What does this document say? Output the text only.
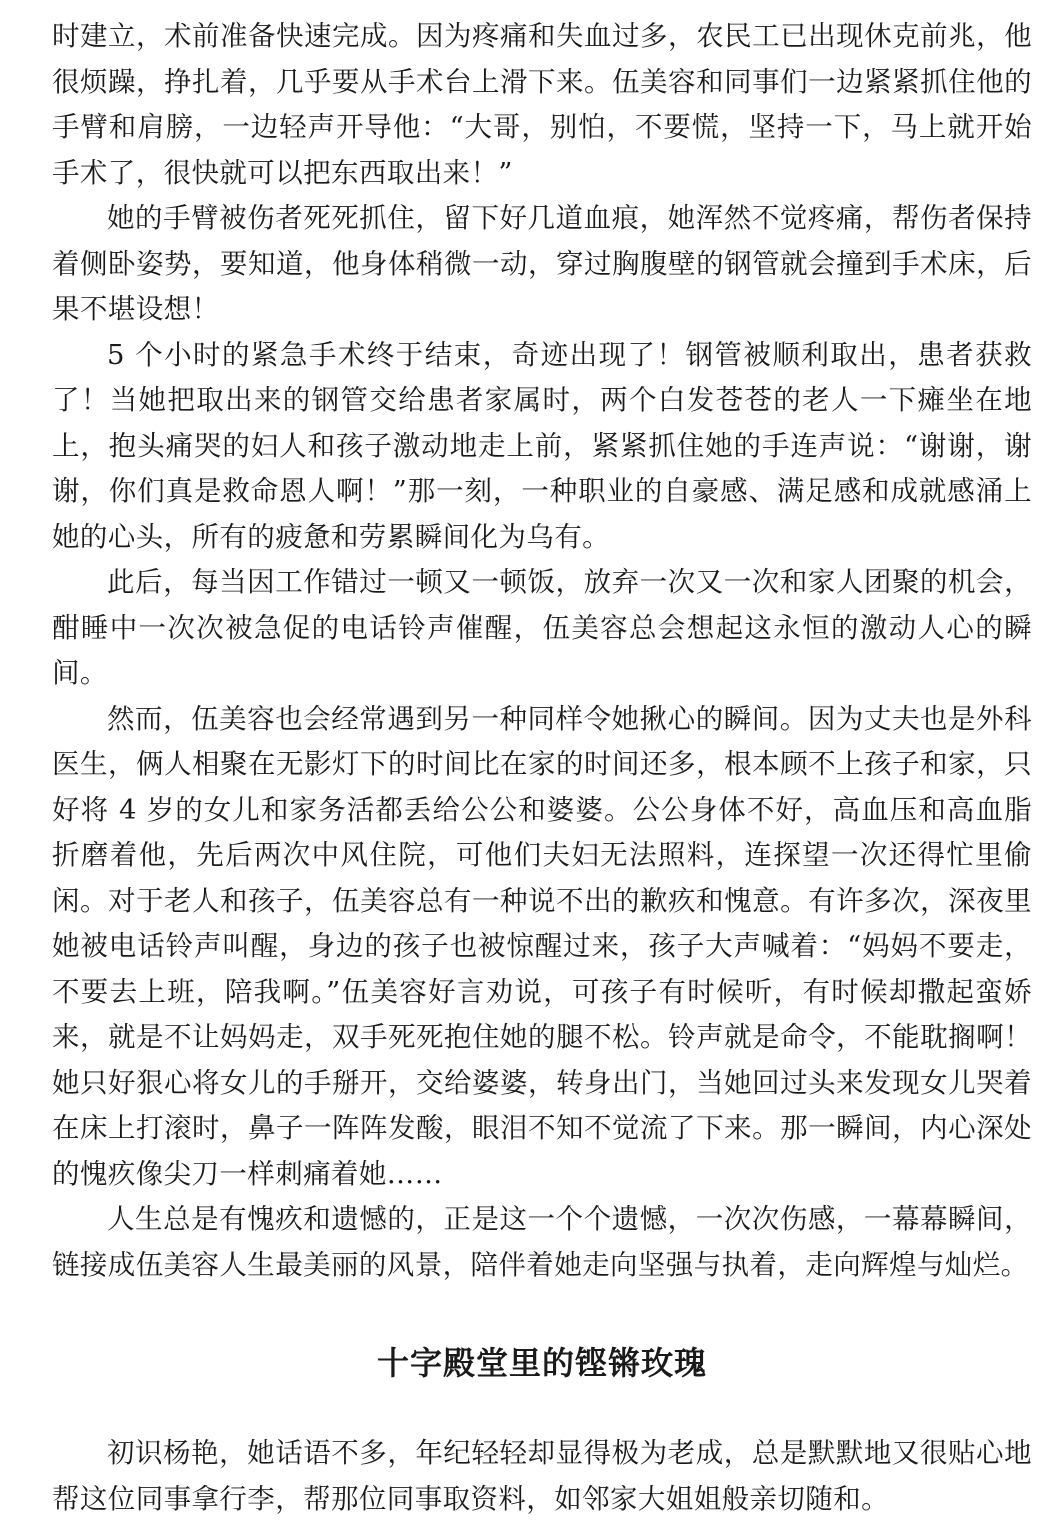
时建立，术前准备快速完成。因为疼痛和失血过多，农民工已出现休克前兆，他很烦躁，挣扎着，几乎要从手术台上滑下来。伍美容和同事们一边紧紧抓住他的手臂和肩膀，一边轻声开导他：“大哥，别怕，不要慌，坚持一下，马上就开始手术了，很快就可以把东西取出来！”

她的手臂被伤者死死抓住，留下好几道血痕，她浑然不觉疼痛，帮伤者保持着侧卧姿势，要知道，他身体稍微一动，穿过胸腹壁的钢管就会撞到手术床，后果不堪设想！

5 个小时的紧急手术终于结束，奇迹出现了！钢管被顺利取出，患者获救了！当她把取出来的钢管交给患者家属时，两个白发苍苍的老人一下瘫坐在地上，抱头痛哭的妇人和孩子激动地走上前，紧紧抓住她的手连声说：“谢谢，谢谢，你们真是救命恩人啊！”那一刻，一种职业的自豪感、满足感和成就感涌上她的心头，所有的疲惫和劳累瞬间化为乌有。

此后，每当因工作错过一顿又一顿饭，放弃一次又一次和家人团聚的机会，酣睡中一次次被急促的电话铃声催醒，伍美容总会想起这永恒的激动人心的瞬间。

然而，伍美容也会经常遇到另一种同样令她揪心的瞬间。因为丈夫也是外科医生，俩人相聚在无影灯下的时间比在家的时间还多，根本顾不上孩子和家，只好将 4 岁的女儿和家务活都丢给公公和婆婆。公公身体不好，高血压和高血脂折磨着他，先后两次中风住院，可他们夫妇无法照料，连探望一次还得忙里偷闲。对于老人和孩子，伍美容总有一种说不出的歉疚和愧意。有许多次，深夜里她被电话铃声叫醒，身边的孩子也被惊醒过来，孩子大声喊着：“妈妈不要走，不要去上班，陪我啊。”伍美容好言劝说，可孩子有时候听，有时候却撒起蛮娇来，就是不让妈妈走，双手死死抱住她的腿不松。铃声就是命令，不能耽搁啊！她只好狠心将女儿的手掰开，交给婆婆，转身出门，当她回过头来发现女儿哭着在床上打滚时，鼻子一阵阵发酸，眼泪不知不觉流了下来。那一瞬间，内心深处的愧疚像尖刀一样刺痛着她……

人生总是有愧疚和遗憾的，正是这一个个遗憾，一次次伤感，一幕幕瞬间，链接成伍美容人生最美丽的风景，陪伴着她走向坚强与执着，走向辉煌与灿烂。

十字殿堂里的铿锵玫瑰

初识杨艳，她话语不多，年纪轻轻却显得极为老成，总是默默地又很贴心地帮这位同事拿行李，帮那位同事取资料，如邻家大姐姐般亲切随和。
